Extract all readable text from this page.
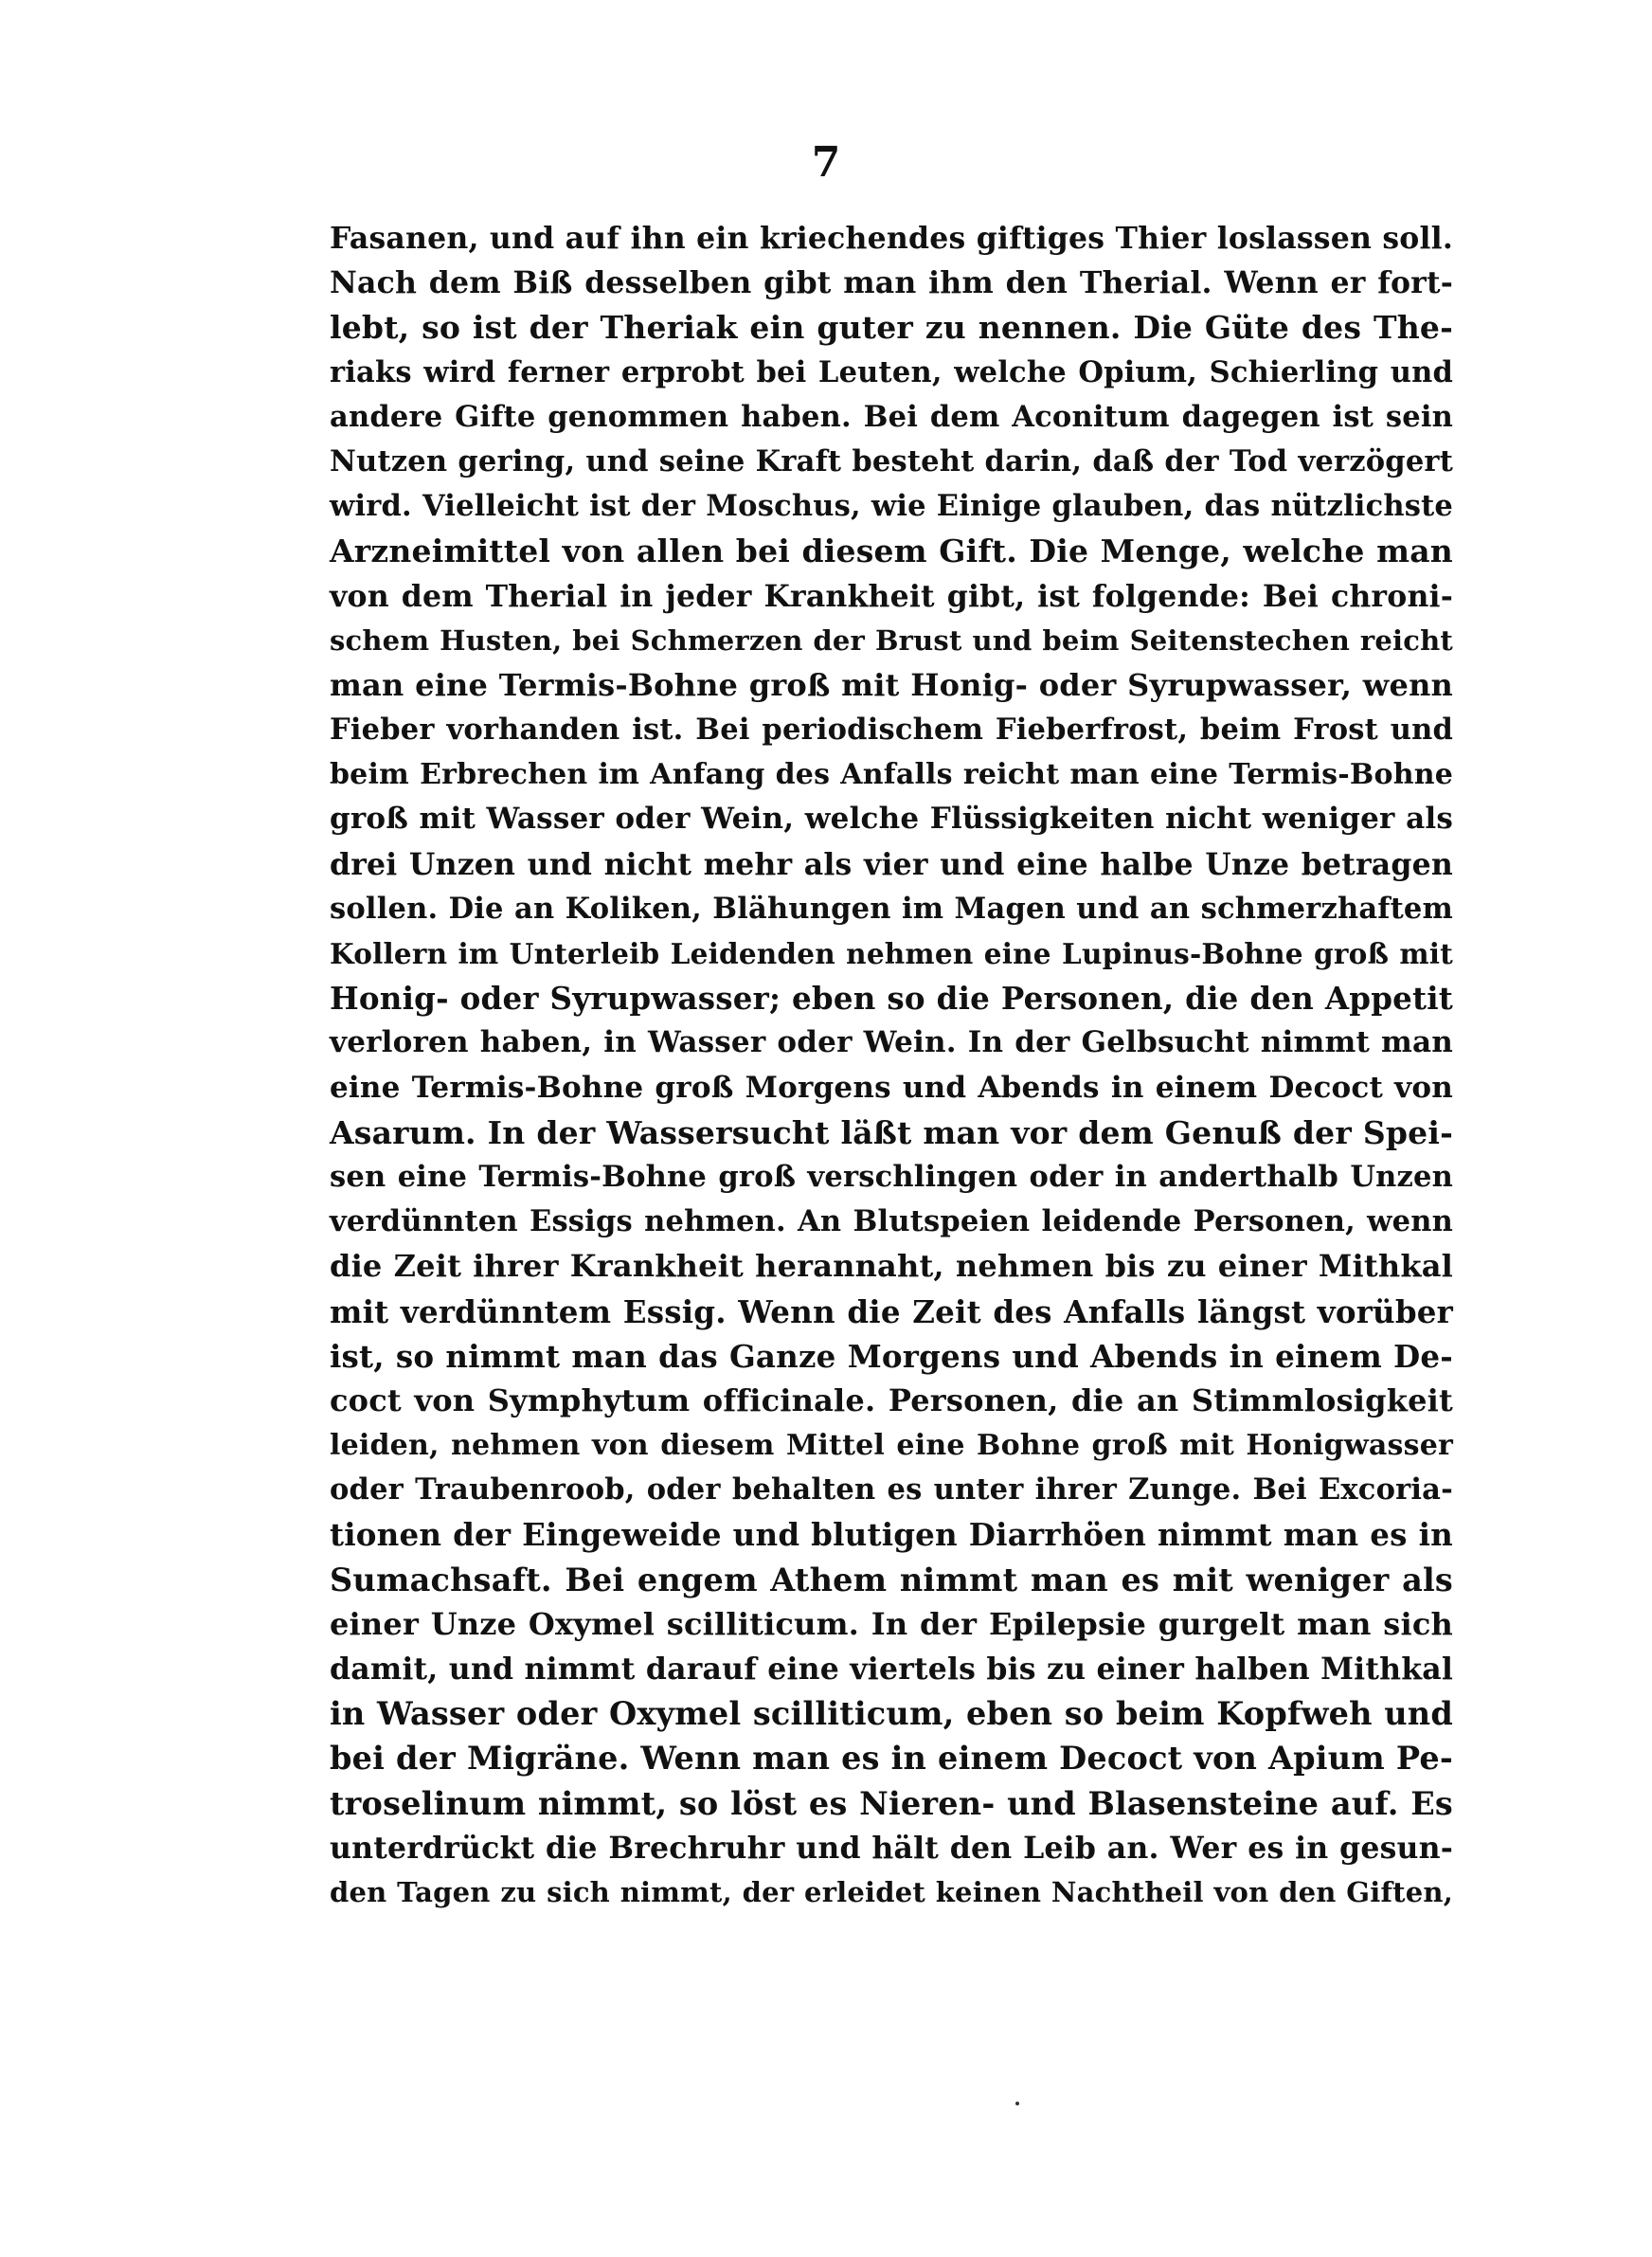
7
Fasanen, und auf ihn ein kriechendes giftiges Thier loslassen soll.
Nach dem Biß desselben gibt man ihm den Therial. Wenn er fort-
lebt, so ist der Theriak ein guter zu nennen. Die Güte des The-
riaks wird ferner erprobt bei Leuten, welche Opium, Schierling und
andere Gifte genommen haben. Bei dem Aconitum dagegen ist sein
Nutzen gering, und seine Kraft besteht darin, daß der Tod verzögert
wird. Vielleicht ist der Moschus, wie Einige glauben, das nützlichste
Arzneimittel von allen bei diesem Gift. Die Menge, welche man
von dem Therial in jeder Krankheit gibt, ist folgende: Bei chroni-
schem Husten, bei Schmerzen der Brust und beim Seitenstechen reicht
man eine Termis-Bohne groß mit Honig- oder Syrupwasser, wenn
Fieber vorhanden ist. Bei periodischem Fieberfrost, beim Frost und
beim Erbrechen im Anfang des Anfalls reicht man eine Termis-Bohne
groß mit Wasser oder Wein, welche Flüssigkeiten nicht weniger als
drei Unzen und nicht mehr als vier und eine halbe Unze betragen
sollen. Die an Koliken, Blähungen im Magen und an schmerzhaftem
Kollern im Unterleib Leidenden nehmen eine Lupinus-Bohne groß mit
Honig- oder Syrupwasser; eben so die Personen, die den Appetit
verloren haben, in Wasser oder Wein. In der Gelbsucht nimmt man
eine Termis-Bohne groß Morgens und Abends in einem Decoct von
Asarum. In der Wassersucht läßt man vor dem Genuß der Spei-
sen eine Termis-Bohne groß verschlingen oder in anderthalb Unzen
verdünnten Essigs nehmen. An Blutspeien leidende Personen, wenn
die Zeit ihrer Krankheit herannaht, nehmen bis zu einer Mithkal
mit verdünntem Essig. Wenn die Zeit des Anfalls längst vorüber
ist, so nimmt man das Ganze Morgens und Abends in einem De-
coct von Symphytum officinale. Personen, die an Stimmlosigkeit
leiden, nehmen von diesem Mittel eine Bohne groß mit Honigwasser
oder Traubenroob, oder behalten es unter ihrer Zunge. Bei Excoria-
tionen der Eingeweide und blutigen Diarrhöen nimmt man es in
Sumachsaft. Bei engem Athem nimmt man es mit weniger als
einer Unze Oxymel scilliticum. In der Epilepsie gurgelt man sich
damit, und nimmt darauf eine viertels bis zu einer halben Mithkal
in Wasser oder Oxymel scilliticum, eben so beim Kopfweh und
bei der Migräne. Wenn man es in einem Decoct von Apium Pe-
troselinum nimmt, so löst es Nieren- und Blasensteine auf. Es
unterdrückt die Brechruhr und hält den Leib an. Wer es in gesun-
den Tagen zu sich nimmt, der erleidet keinen Nachtheil von den Giften,
